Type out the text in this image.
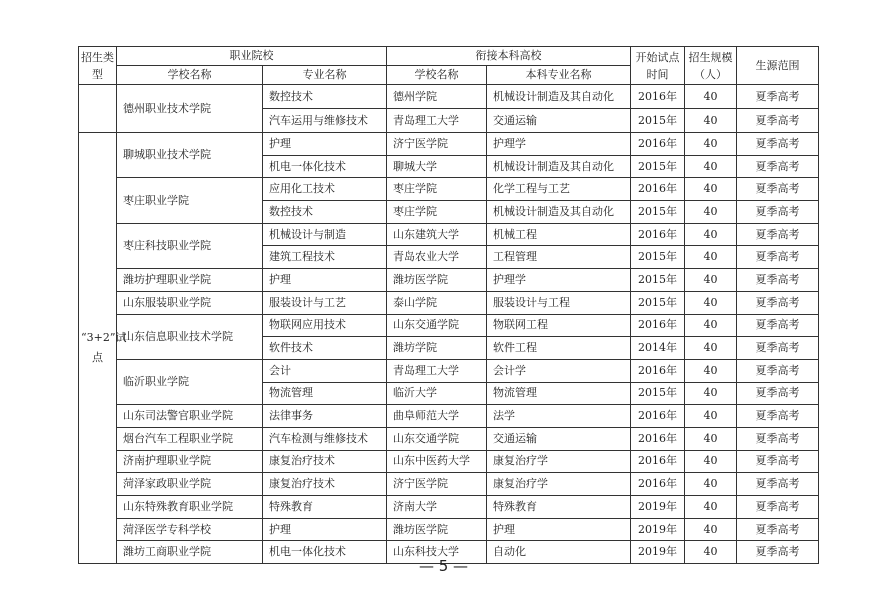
招生类型	职业院校		衔接本科高校		开始试点时间	招生规模（人）	生源范围
	学校名称	专业名称	学校名称	本科专业名称			
	德州职业技术学院	数控技术	德州学院	机械设计制造及其自动化	2016年	40	夏季高考
		汽车运用与维修技术	青岛理工大学	交通运输	2015年	40	夏季高考
“3+2”试点	聊城职业技术学院	护理	济宁医学院	护理学	2016年	40	夏季高考
		机电一体化技术	聊城大学	机械设计制造及其自动化	2015年	40	夏季高考
	枣庄职业学院	应用化工技术	枣庄学院	化学工程与工艺	2016年	40	夏季高考
		数控技术	枣庄学院	机械设计制造及其自动化	2015年	40	夏季高考
	枣庄科技职业学院	机械设计与制造	山东建筑大学	机械工程	2016年	40	夏季高考
		建筑工程技术	青岛农业大学	工程管理	2015年	40	夏季高考
	潍坊护理职业学院	护理	潍坊医学院	护理学	2015年	40	夏季高考
	山东服装职业学院	服装设计与工艺	泰山学院	服装设计与工程	2015年	40	夏季高考
	山东信息职业技术学院	物联网应用技术	山东交通学院	物联网工程	2016年	40	夏季高考
		软件技术	潍坊学院	软件工程	2014年	40	夏季高考
	临沂职业学院	会计	青岛理工大学	会计学	2016年	40	夏季高考
		物流管理	临沂大学	物流管理	2015年	40	夏季高考
	山东司法警官职业学院	法律事务	曲阜师范大学	法学	2016年	40	夏季高考
	烟台汽车工程职业学院	汽车检测与维修技术	山东交通学院	交通运输	2016年	40	夏季高考
	济南护理职业学院	康复治疗技术	山东中医药大学	康复治疗学	2016年	40	夏季高考
	菏泽家政职业学院	康复治疗技术	济宁医学院	康复治疗学	2016年	40	夏季高考
	山东特殊教育职业学院	特殊教育	济南大学	特殊教育	2019年	40	夏季高考
	菏泽医学专科学校	护理	潍坊医学院	护理	2019年	40	夏季高考
	潍坊工商职业学院	机电一体化技术	山东科技大学	自动化	2019年	40	夏季高考
— 5 —
